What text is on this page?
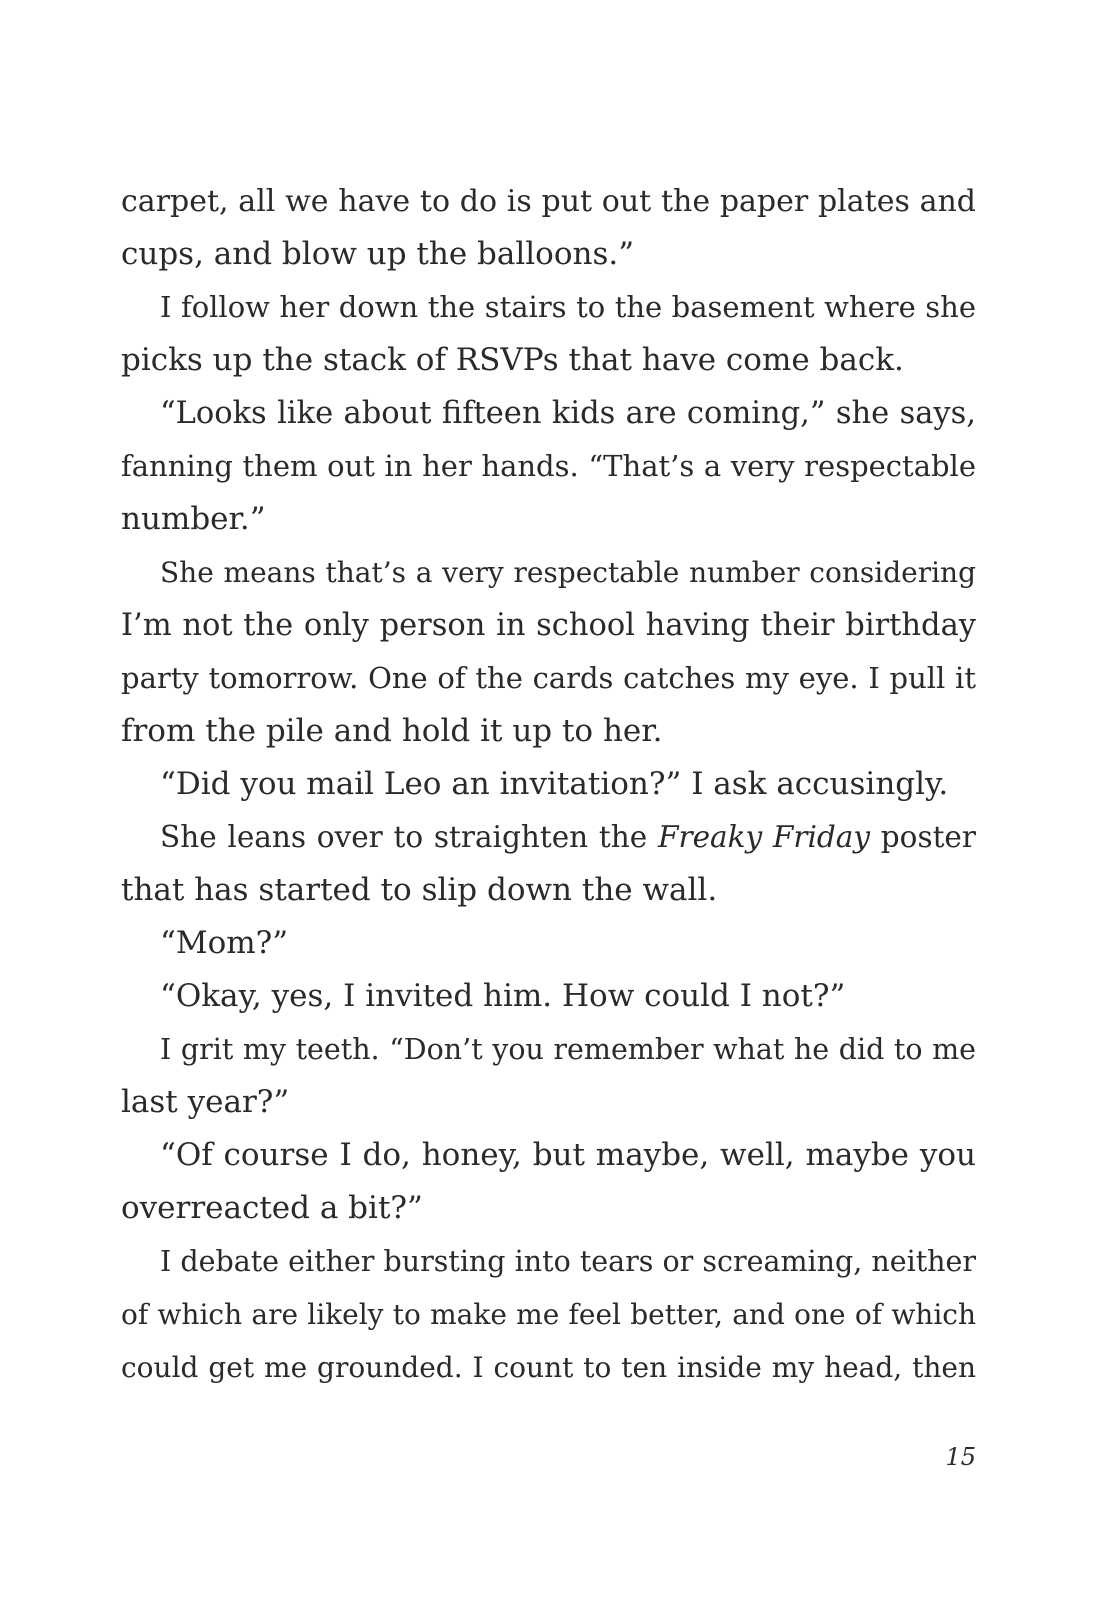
carpet, all we have to do is put out the paper plates and
cups, and blow up the balloons.”
I follow her down the stairs to the basement where she
picks up the stack of RSVPs that have come back.
“Looks like about fifteen kids are coming,” she says,
fanning them out in her hands. “That’s a very respectable
number.”
She means that’s a very respectable number considering
I’m not the only person in school having their birthday
party tomorrow. One of the cards catches my eye. I pull it
from the pile and hold it up to her.
“Did you mail Leo an invitation?” I ask accusingly.
She leans over to straighten the Freaky Friday poster
that has started to slip down the wall.
“Mom?”
“Okay, yes, I invited him. How could I not?”
I grit my teeth. “Don’t you remember what he did to me
last year?”
“Of course I do, honey, but maybe, well, maybe you
overreacted a bit?”
I debate either bursting into tears or screaming, neither
of which are likely to make me feel better, and one of which
could get me grounded. I count to ten inside my head, then
15
